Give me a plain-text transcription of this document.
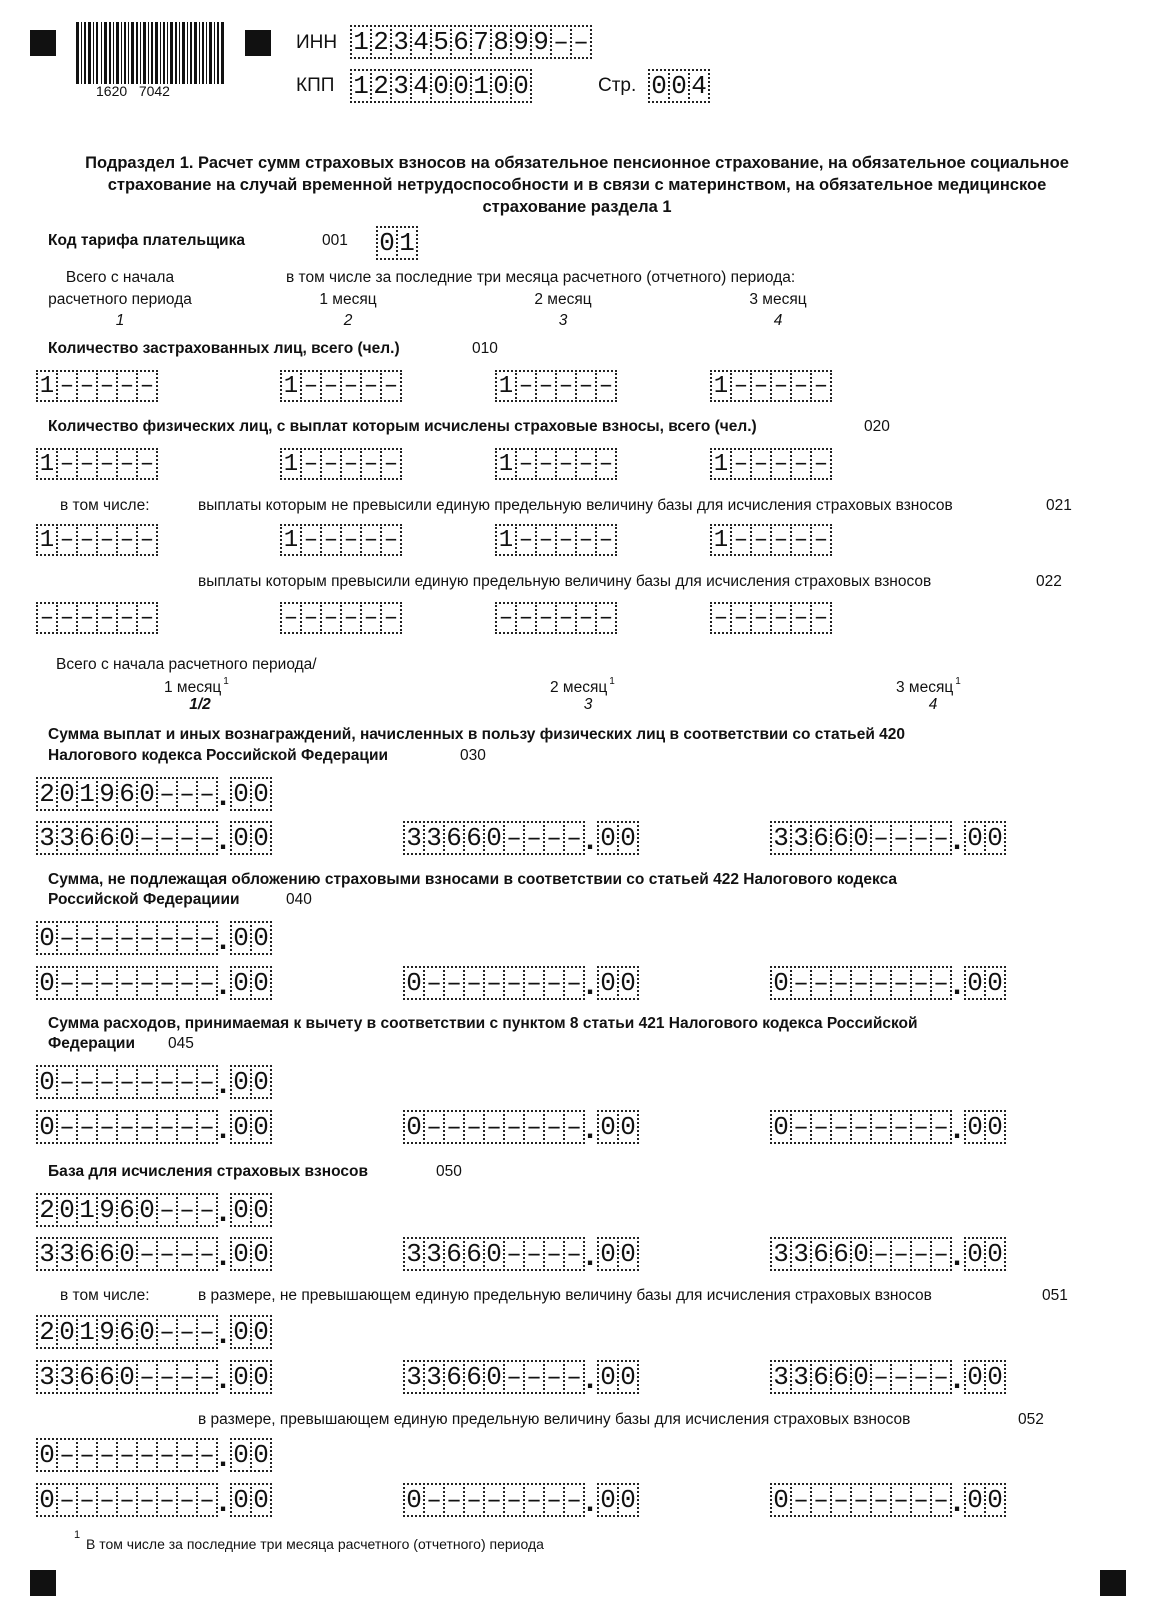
1620   7042
ИНН 1 2 3 4 5 6 7 8 9 9 – –
КПП 1 2 3 4 0 0 1 0 0	Стр. 0 0 4
Подраздел 1. Расчет сумм страховых взносов на обязательное пенсионное страхование, на обязательное социальное страхование на случай временной нетрудоспособности и в связи с материнством, на обязательное медицинское страхование раздела 1
Код тарифа плательщика	001 0 1
Всего с начала
расчетного периода
в том числе за последние три месяца расчетного (отчетного) периода:
1 месяц	2 месяц	3 месяц
1	2	3	4
Количество застрахованных лиц, всего (чел.)	010
1 – – – – –	1 – – – – –	1 – – – – –	1 – – – – –
Количество физических лиц, с выплат которым исчислены страховые взносы, всего (чел.)	020
1 – – – – –	1 – – – – –	1 – – – – –	1 – – – – –
в том числе:	выплаты которым не превысили единую предельную величину базы для исчисления страховых взносов	021
1 – – – – –	1 – – – – –	1 – – – – –	1 – – – – –
выплаты которым превысили единую предельную величину базы для исчисления страховых взносов	022
– – – – – –	– – – – – –	– – – – – –	– – – – – –
Всего с начала расчетного периода/
1 месяц $^1$	2 месяц $^1$	3 месяц $^1$
1/2	3	4
Сумма выплат и иных вознаграждений, начисленных в пользу физических лиц в соответствии со статьей 420
Налогового кодекса Российской Федерации	030
2 0 1 9 6 0 – – – . 0 0
3 3 6 6 0 – – – – . 0 0	3 3 6 6 0 – – – – . 0 0	3 3 6 6 0 – – – – . 0 0
Сумма, не подлежащая обложению страховыми взносами в соответствии со статьей 422 Налогового кодекса
Российской Федерациии	040
0 – – – – – – – – . 0 0
0 – – – – – – – – . 0 0	0 – – – – – – – – . 0 0	0 – – – – – – – – . 0 0
Сумма расходов, принимаемая к вычету в соответствии с пунктом 8 статьи 421 Налогового кодекса Российской
Федерации 045
0 – – – – – – – – . 0 0
0 – – – – – – – – . 0 0	0 – – – – – – – – . 0 0	0 – – – – – – – – . 0 0
База для исчисления страховых взносов	050
2 0 1 9 6 0 – – – . 0 0
3 3 6 6 0 – – – – . 0 0	3 3 6 6 0 – – – – . 0 0	3 3 6 6 0 – – – – . 0 0
в том числе:	в размере, не превышающем единую предельную величину базы для исчисления страховых взносов	051
2 0 1 9 6 0 – – – . 0 0
3 3 6 6 0 – – – – . 0 0	3 3 6 6 0 – – – – . 0 0	3 3 6 6 0 – – – – . 0 0
в размере, превышающем единую предельную величину базы для исчисления страховых взносов	052
0 – – – – – – – – . 0 0
0 – – – – – – – – . 0 0	0 – – – – – – – – . 0 0	0 – – – – – – – – . 0 0
1
В том числе за последние три месяца расчетного (отчетного) периода
